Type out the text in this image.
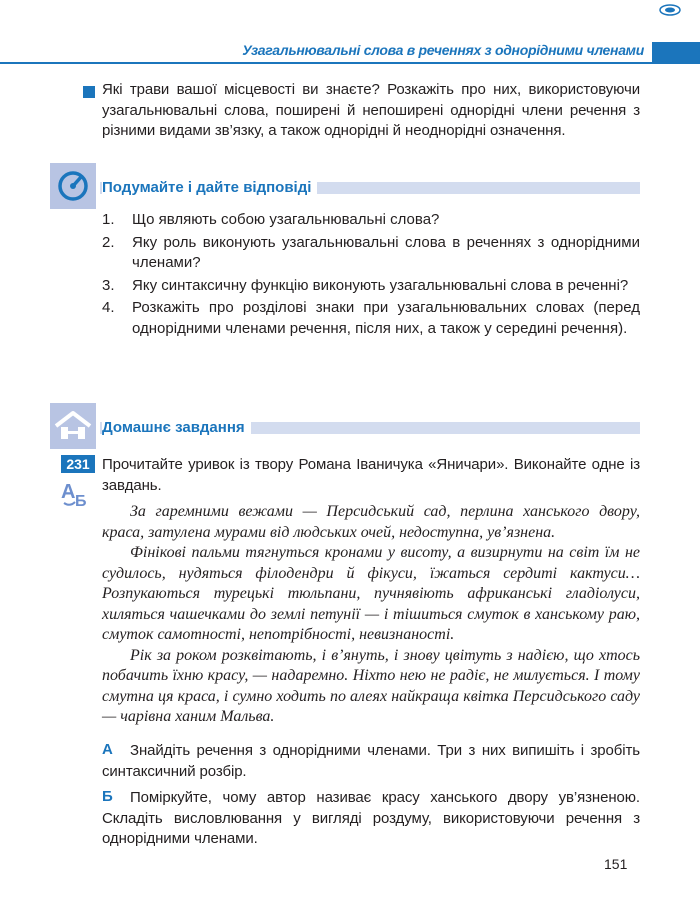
Узагальнювальні слова в реченнях з однорідними членами
Які трави вашої місцевості ви знаєте? Розкажіть про них, використовуючи узагальнювальні слова, поширені й непоширені однорідні члени речення з різними видами зв’язку, а також однорідні й неоднорідні означення.
Подумайте і дайте відповіді
1. Що являють собою узагальнювальні слова?
2. Яку роль виконують узагальнювальні слова в реченнях з однорідними членами?
3. Яку синтаксичну функцію виконують узагальнювальні слова в реченні?
4. Розкажіть про розділові знаки при узагальнювальних словах (перед однорідними членами речення, після них, а також у середині речення).
Домашнє завдання
231
А Б
Прочитайте уривок із твору Романа Іваничука «Яничари». Виконайте одне із завдань.

За гаремними вежами — Персидський сад, перлина ханського двору, краса, затулена мурами від людських очей, недоступна, ув’язнена.

Фінікові пальми тягнуться кронами у висоту, а визирнути на світ їм не судилось, нудяться філодендри й фікуси, їжаться сердиті кактуси… Розпукаються турецькі тюльпани, пучнявіють африканські гладіолуси, хиляться чашечками до землі петунії — і тішиться смуток в ханському раю, смуток самотності, непотрібності, невизнаності.

Рік за роком розквітають, і в’януть, і знову цвітуть з надією, що хтось побачить їхню красу, — надаремно. Ніхто нею не радіє, не милується. І тому смутна ця краса, і сумно ходить по алеях найкраща квітка Персидського саду — чарівна ханим Мальва.

А	Знайдіть речення з однорідними членами. Три з них випишіть і зробіть синтаксичний розбір.
Б	Поміркуйте, чому автор називає красу ханського двору ув’язненою. Складіть висловлювання у вигляді роздуму, використовуючи речення з однорідними членами.
151
